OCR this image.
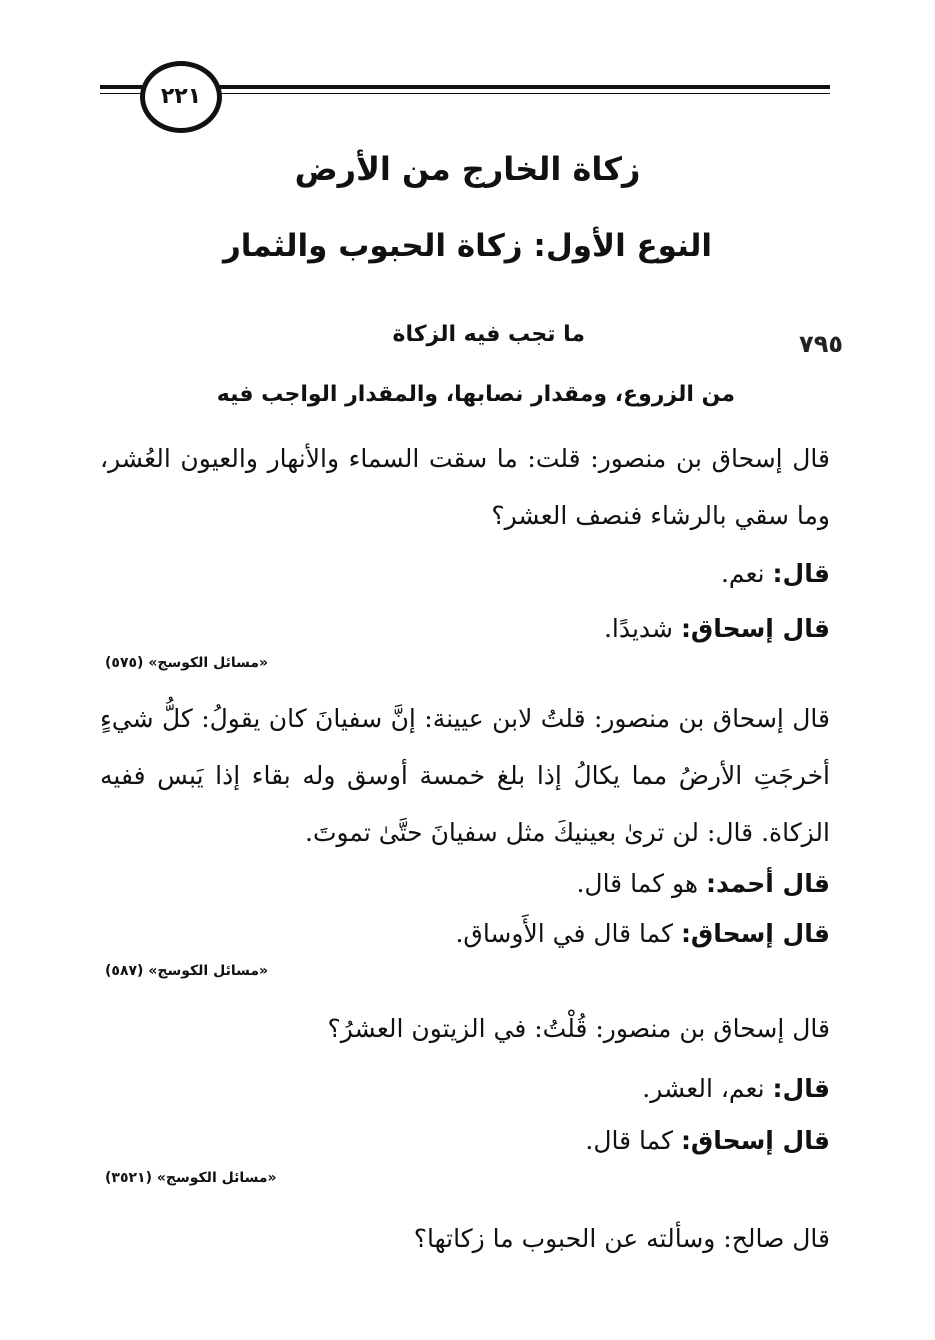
٢٢١
زكاة الخارج من الأرض
النوع الأول: زكاة الحبوب والثمار
٧٩٥
ما تجب فيه الزكاة
من الزروع، ومقدار نصابها، والمقدار الواجب فيه
قال إسحاق بن منصور: قلت: ما سقت السماء والأنهار والعيون العُشر، وما سقي بالرشاء فنصف العشر؟
قال: نعم.
قال إسحاق: شديدًا.
«مسائل الكوسج» (٥٧٥)
قال إسحاق بن منصور: قلتُ لابن عيينة: إنَّ سفيانَ كان يقولُ: كلُّ شيءٍ أخرجَتِ الأرضُ مما يكالُ إذا بلغ خمسة أوسق وله بقاء إذا يَبس ففيه الزكاة. قال: لن ترىٰ بعينيكَ مثل سفيانَ حتَّىٰ تموتَ.
قال أحمد: هو كما قال.
قال إسحاق: كما قال في الأَوساق.
«مسائل الكوسج» (٥٨٧)
قال إسحاق بن منصور: قُلْتُ: في الزيتون العشرُ؟
قال: نعم، العشر.
قال إسحاق: كما قال.
«مسائل الكوسج» (٣٥٢١)
قال صالح: وسألته عن الحبوب ما زكاتها؟
